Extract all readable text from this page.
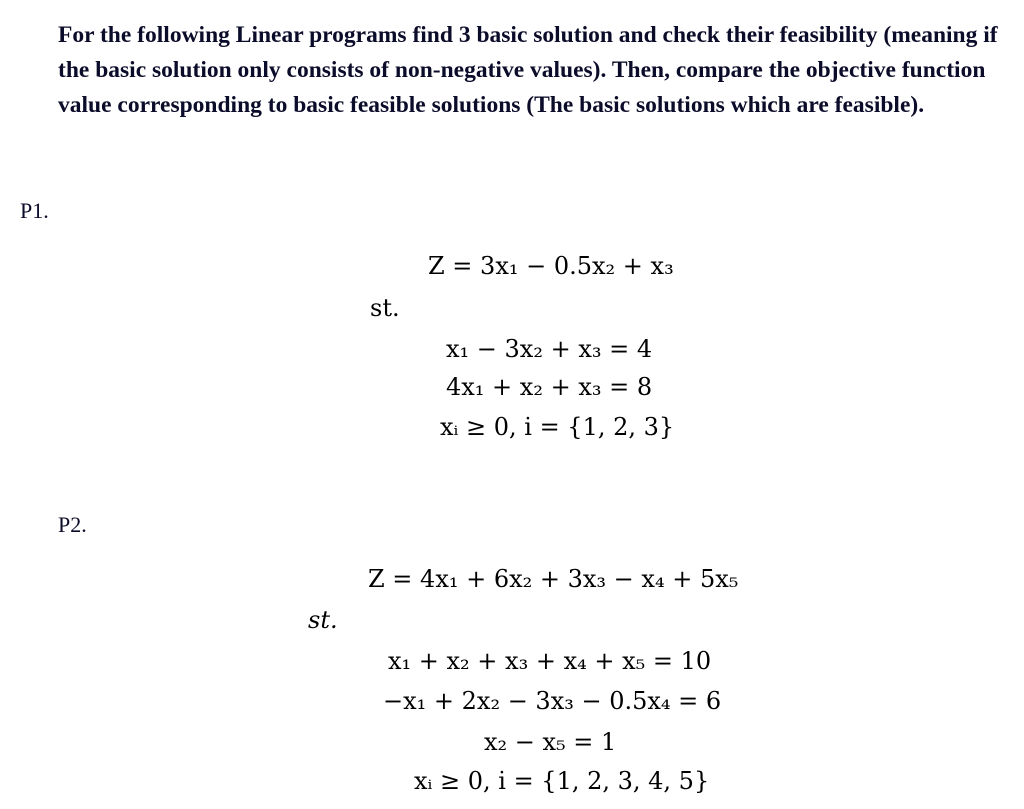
For the following Linear programs find 3 basic solution and check their feasibility (meaning if the basic solution only consists of non-negative values). Then, compare the objective function value corresponding to basic feasible solutions (The basic solutions which are feasible).
P1.
Z = 3x₁ − 0.5x₂ + x₃
st.
x₁ − 3x₂ + x₃ = 4
4x₁ + x₂ + x₃ = 8
xᵢ ≥ 0, i = {1, 2, 3}
P2.
Z = 4x₁ + 6x₂ + 3x₃ − x₄ + 5x₅
st.
x₁ + x₂ + x₃ + x₄ + x₅ = 10
−x₁ + 2x₂ − 3x₃ − 0.5x₄ = 6
x₂ − x₅ = 1
xᵢ ≥ 0, i = {1, 2, 3, 4, 5}
